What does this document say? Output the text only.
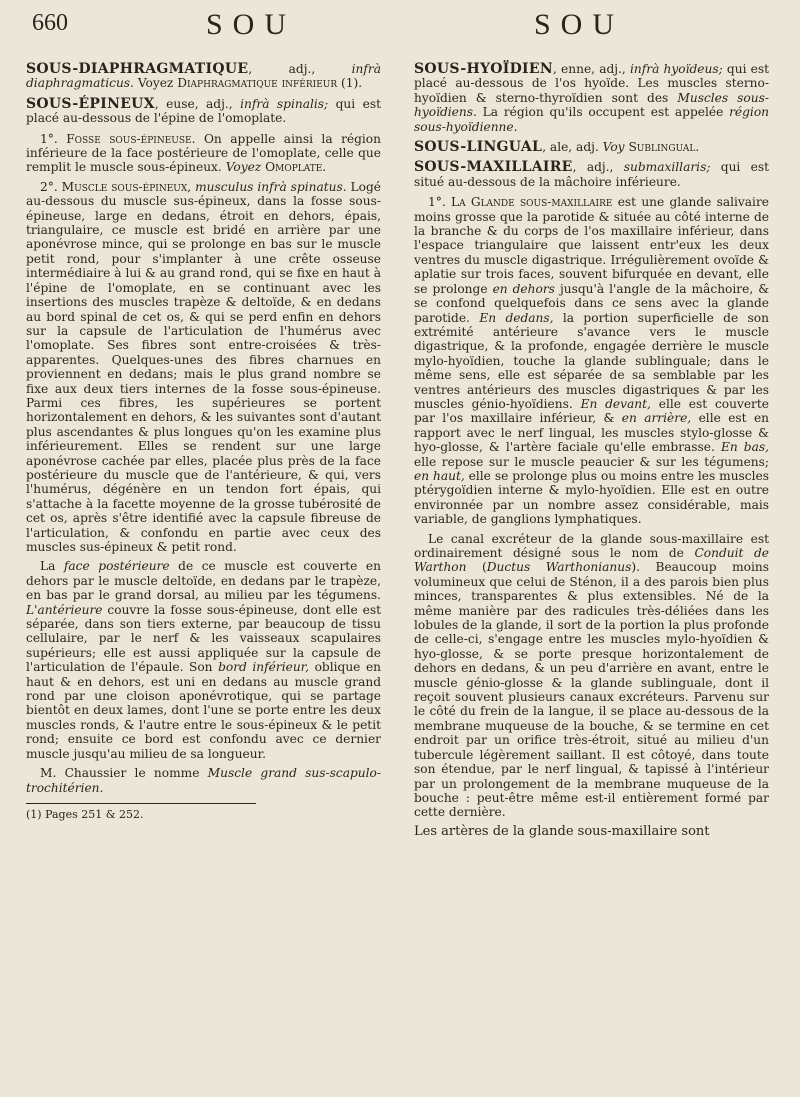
660	SOU	SOU

SOUS-DIAPHRAGMATIQUE, adj.,	infrà diaphragmaticus. Voyez Diaphragmatique inférieur (1).

SOUS-ÉPINEUX, euse, adj., infrà spinalis; qui est placé au-dessous de l'épine de l'omoplate.

1°. Fosse sous-épineuse. On appelle ainsi la région inférieure de la face postérieure de l'omoplate, celle que remplit le muscle sous-épineux. Voyez Omoplate.

2°. Muscle sous-épineux, musculus infrà spinatus. Logé au-dessous du muscle sus-épineux, dans la fosse sous-épineuse, large en dedans, étroit en dehors, épais, triangulaire, ce muscle est bridé en arrière par une aponévrose mince, qui se prolonge en bas sur le muscle petit rond, pour s'implanter à une crête osseuse intermédiaire à lui & au grand rond, qui se fixe en haut à l'épine de l'omoplate, en se continuant avec les insertions des muscles trapèze & deltoïde, & en dedans au bord spinal de cet os, & qui se perd enfin en dehors sur la capsule de l'articulation de l'humérus avec l'omoplate. Ses fibres sont entre-croisées & très-apparentes. Quelques-unes des fibres charnues en proviennent en dedans; mais le plus grand nombre se fixe aux deux tiers internes de la fosse sous-épineuse. Parmi ces fibres, les supérieures se portent horizontalement en dehors, & les suivantes sont d'autant plus ascendantes & plus longues qu'on les examine plus inférieurement. Elles se rendent sur une large aponévrose cachée par elles, placée plus près de la face postérieure du muscle que de l'antérieure, & qui, vers l'humérus, dégénère en un tendon fort épais, qui s'attache à la facette moyenne de la grosse tubérosité de cet os, après s'être identifié avec la capsule fibreuse de l'articulation, & confondu en partie avec ceux des muscles sus-épineux & petit rond.

La face postérieure de ce muscle est couverte en dehors par le muscle deltoïde, en dedans par le trapèze, en bas par le grand dorsal, au milieu par les tégumens. L'antérieure couvre la fosse sous-épineuse, dont elle est séparée, dans son tiers externe, par beaucoup de tissu cellulaire, par le nerf & les vaisseaux scapulaires supérieurs; elle est aussi appliquée sur la capsule de l'articulation de l'épaule. Son bord inférieur, oblique en haut & en dehors, est uni en dedans au muscle grand rond par une cloison aponévrotique, qui se partage bientôt en deux lames, dont l'une se porte entre les deux muscles ronds, & l'autre entre le sous-épineux & le petit rond; ensuite ce bord est confondu avec ce dernier muscle jusqu'au milieu de sa longueur.

M. Chaussier le nomme Muscle grand sus-scapulo-trochitérien.

(1) Pages 251 & 252.

SOUS-HYOÏDIEN, enne, adj., infrà hyoïdeus; qui est placé au-dessous de l'os hyoïde. Les muscles sterno-hyoïdien & sterno-thyroïdien sont des Muscles sous-hyoïdiens. La région qu'ils occupent est appelée région sous-hyoïdienne.

SOUS-LINGUAL, ale, adj. Voy Sublingual.

SOUS-MAXILLAIRE, adj., submaxillaris; qui est situé au-dessous de la mâchoire inférieure.

1°. La Glande sous-maxillaire est une glande salivaire moins grosse que la parotide & située au côté interne de la branche & du corps de l'os maxillaire inférieur, dans l'espace triangulaire que laissent entr'eux les deux ventres du muscle digastrique. Irrégulièrement ovoïde & aplatie sur trois faces, souvent bifurquée en devant, elle se prolonge en dehors jusqu'à l'angle de la mâchoire, & se confond quelquefois dans ce sens avec la glande parotide. En dedans, la portion superficielle de son extrémité antérieure s'avance vers le muscle digastrique, & la profonde, engagée derrière le muscle mylo-hyoïdien, touche la glande sublinguale; dans le même sens, elle est séparée de sa semblable par les ventres antérieurs des muscles digastriques & par les muscles génio-hyoïdiens. En devant, elle est couverte par l'os maxillaire inférieur, & en arrière, elle est en rapport avec le nerf lingual, les muscles stylo-glosse & hyo-glosse, & l'artère faciale qu'elle embrasse. En bas, elle repose sur le muscle peaucier & sur les tégumens; en haut, elle se prolonge plus ou moins entre les muscles ptérygoïdien interne & mylo-hyoïdien. Elle est en outre environnée par un nombre assez considérable, mais variable, de ganglions lymphatiques.

Le canal excréteur de la glande sous-maxillaire est ordinairement désigné sous le nom de Conduit de Warthon (Ductus Warthonianus). Beaucoup moins volumineux que celui de Sténon, il a des parois bien plus minces, transparentes & plus extensibles. Né de la même manière par des radicules très-déliées dans les lobules de la glande, il sort de la portion la plus profonde de celle-ci, s'engage entre les muscles mylo-hyoïdien & hyo-glosse, & se porte presque horizontalement de dehors en dedans, & un peu d'arrière en avant, entre le muscle génio-glosse & la glande sublinguale, dont il reçoit souvent plusieurs canaux excréteurs. Parvenu sur le côté du frein de la langue, il se place au-dessous de la membrane muqueuse de la bouche, & se termine en cet endroit par un orifice très-étroit, situé au milieu d'un tubercule légèrement saillant. Il est côtoyé, dans toute son étendue, par le nerf lingual, & tapissé à l'intérieur par un prolongement de la membrane muqueuse de la bouche : peut-être même est-il entièrement formé par cette dernière.

Les artères de la glande sous-maxillaire sont
